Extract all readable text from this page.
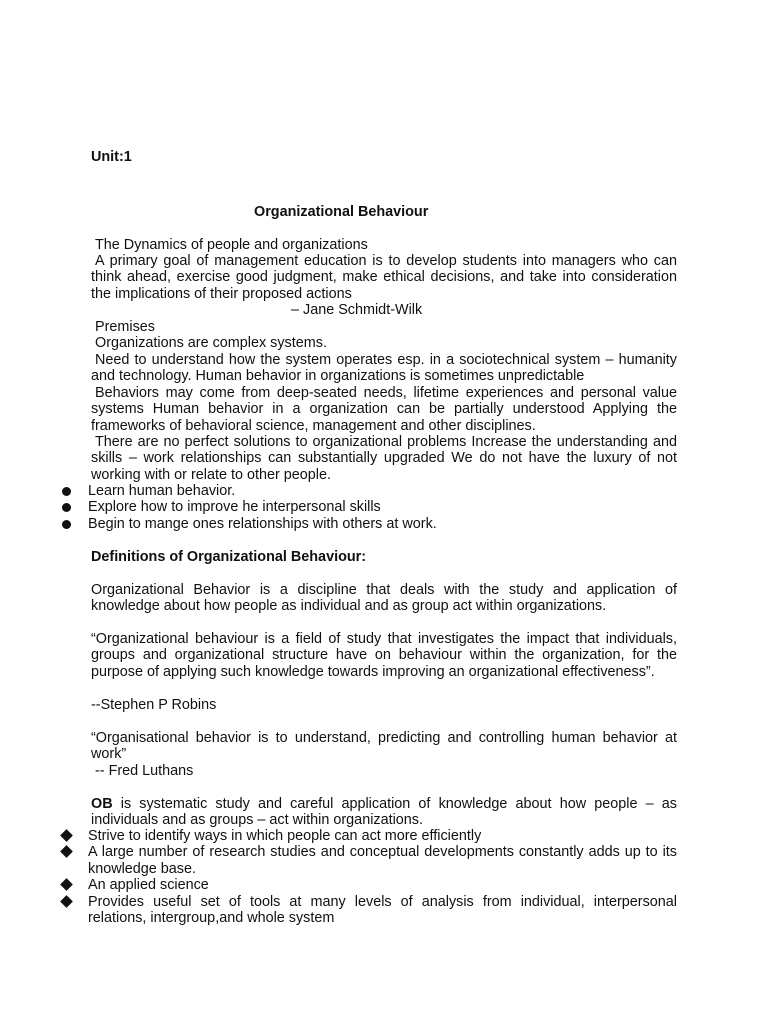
Unit:1

Organizational Behaviour

The Dynamics of people and organizations

A primary goal of management education is to develop students into managers who can think ahead, exercise good judgment, make ethical decisions, and take into consideration the implications of their proposed actions

– Jane Schmidt-Wilk

Premises

Organizations are complex systems.

Need to understand how the system operates esp. in a sociotechnical system – humanity and technology. Human behavior in organizations is sometimes unpredictable

Behaviors may come from deep-seated needs, lifetime experiences and personal value systems Human behavior in a organization can be partially understood Applying the frameworks of behavioral science, management and other disciplines.

There are no perfect solutions to organizational problems Increase the understanding and skills – work relationships can substantially upgraded We do not have the luxury of not working with or relate to other people.

Learn human behavior.
Explore how to improve he interpersonal skills
Begin to mange ones relationships with others at work.

Definitions of Organizational Behaviour:

Organizational Behavior is a discipline that deals with the study and application of knowledge about how people as individual and as group act within organizations.

“Organizational behaviour is a field of study that investigates the impact that individuals, groups and organizational structure have on behaviour within the organization, for the purpose of applying such knowledge towards improving an organizational effectiveness”.

--Stephen P Robins

“Organisational behavior is to understand, predicting and controlling human behavior at work”

-- Fred Luthans

OB is systematic study and careful application of knowledge about how people – as individuals and as groups – act within organizations.

Strive to identify ways in which people can act more efficiently
A large number of research studies and conceptual developments constantly adds up to its knowledge base.
An applied science
Provides useful set of tools at many levels of analysis from individual, interpersonal relations, intergroup,and whole system
